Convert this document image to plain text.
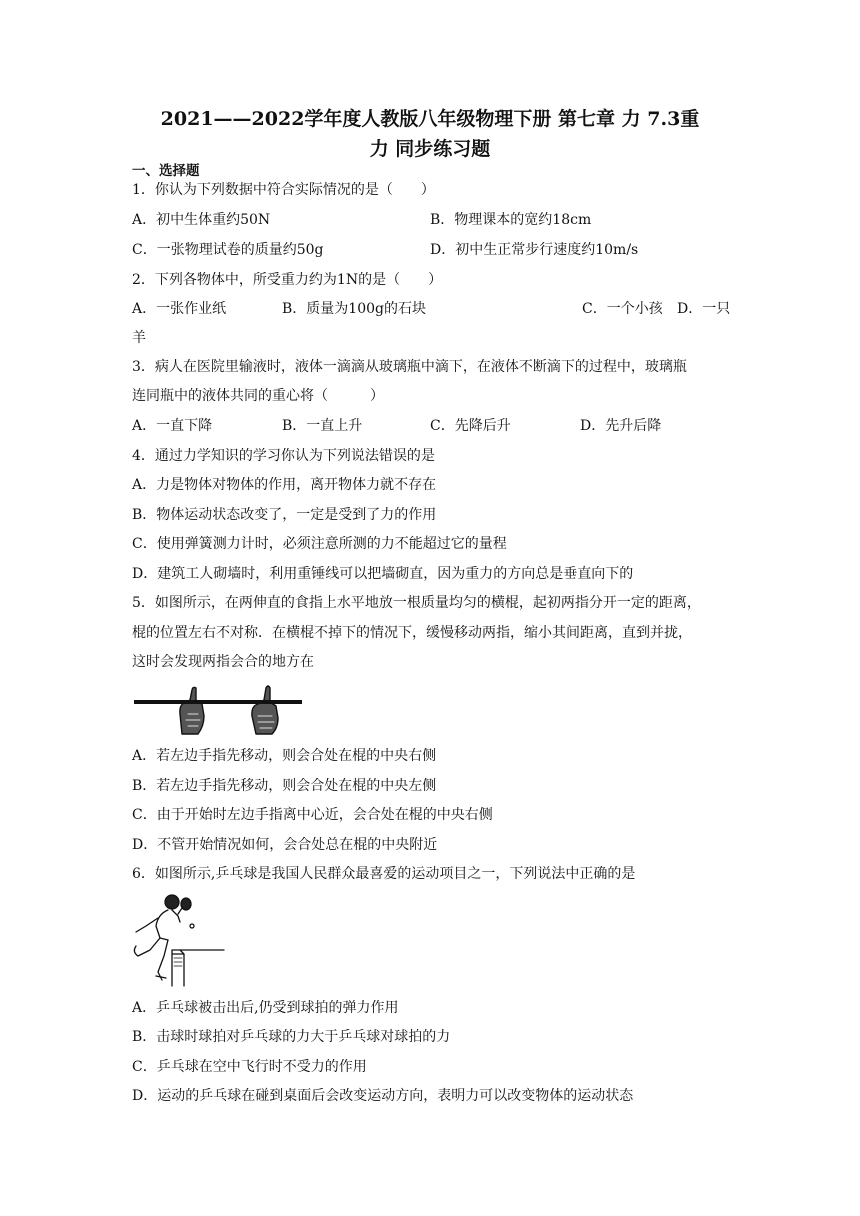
2021——2022学年度人教版八年级物理下册 第七章 力 7.3重
力 同步练习题
一、选择题
1．你认为下列数据中符合实际情况的是（　　）
A．初中生体重约50N	B．物理课本的宽约18cm
C．一张物理试卷的质量约50g	D．初中生正常步行速度约10m/s
2．下列各物体中，所受重力约为1N的是（　　）
A．一张作业纸	B．质量为100g的石块	C．一个小孩 D．一只
羊
3．病人在医院里输液时，液体一滴滴从玻璃瓶中滴下，在液体不断滴下的过程中，玻璃瓶
连同瓶中的液体共同的重心将（　　　）
A．一直下降	B．一直上升	C．先降后升	D．先升后降
4．通过力学知识的学习你认为下列说法错误的是
A．力是物体对物体的作用，离开物体力就不存在
B．物体运动状态改变了，一定是受到了力的作用
C．使用弹簧测力计时，必须注意所测的力不能超过它的量程
D．建筑工人砌墙时，利用重锤线可以把墙砌直，因为重力的方向总是垂直向下的
5．如图所示，在两伸直的食指上水平地放一根质量均匀的横棍，起初两指分开一定的距离，
棍的位置左右不对称．在横棍不掉下的情况下，缓慢移动两指，缩小其间距离，直到并拢，
这时会发现两指会合的地方在
A．若左边手指先移动，则会合处在棍的中央右侧
B．若左边手指先移动，则会合处在棍的中央左侧
C．由于开始时左边手指离中心近，会合处在棍的中央右侧
D．不管开始情况如何，会合处总在棍的中央附近
6．如图所示,乒乓球是我国人民群众最喜爱的运动项目之一，下列说法中正确的是
A．乒乓球被击出后,仍受到球拍的弹力作用
B．击球时球拍对乒乓球的力大于乒乓球对球拍的力
C．乒乓球在空中飞行时不受力的作用
D．运动的乒乓球在碰到桌面后会改变运动方向，表明力可以改变物体的运动状态
